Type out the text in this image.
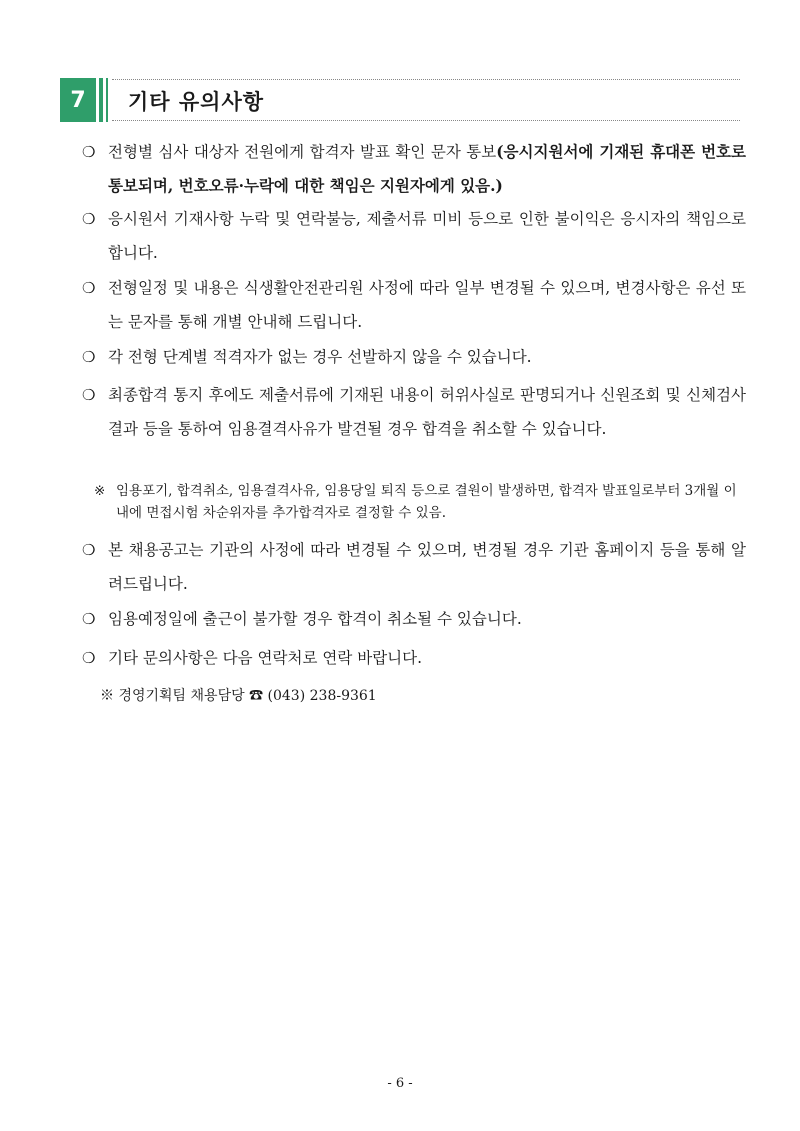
7	기타 유의사항
❍ 전형별 심사 대상자 전원에게 합격자 발표 확인 문자 통보(응시지원서에 기재된 휴대폰 번호로 통보되며, 번호오류·누락에 대한 책임은 지원자에게 있음.)
❍ 응시원서 기재사항 누락 및 연락불능, 제출서류 미비 등으로 인한 불이익은 응시자의 책임으로 합니다.
❍ 전형일정 및 내용은 식생활안전관리원 사정에 따라 일부 변경될 수 있으며, 변경사항은 유선 또는 문자를 통해 개별 안내해 드립니다.
❍ 각 전형 단계별 적격자가 없는 경우 선발하지 않을 수 있습니다.
❍ 최종합격 통지 후에도 제출서류에 기재된 내용이 허위사실로 판명되거나 신원조회 및 신체검사 결과 등을 통하여 임용결격사유가 발견될 경우 합격을 취소할 수 있습니다.
※ 임용포기, 합격취소, 임용결격사유, 임용당일 퇴직 등으로 결원이 발생하면, 합격자 발표일로부터 3개월 이내에 면접시험 차순위자를 추가합격자로 결정할 수 있음.
❍ 본 채용공고는 기관의 사정에 따라 변경될 수 있으며, 변경될 경우 기관 홈페이지 등을 통해 알려드립니다.
❍ 임용예정일에 출근이 불가할 경우 합격이 취소될 수 있습니다.
❍ 기타 문의사항은 다음 연락처로 연락 바랍니다.
※ 경영기획팀 채용담당 ☎ (043) 238-9361
- 6 -
